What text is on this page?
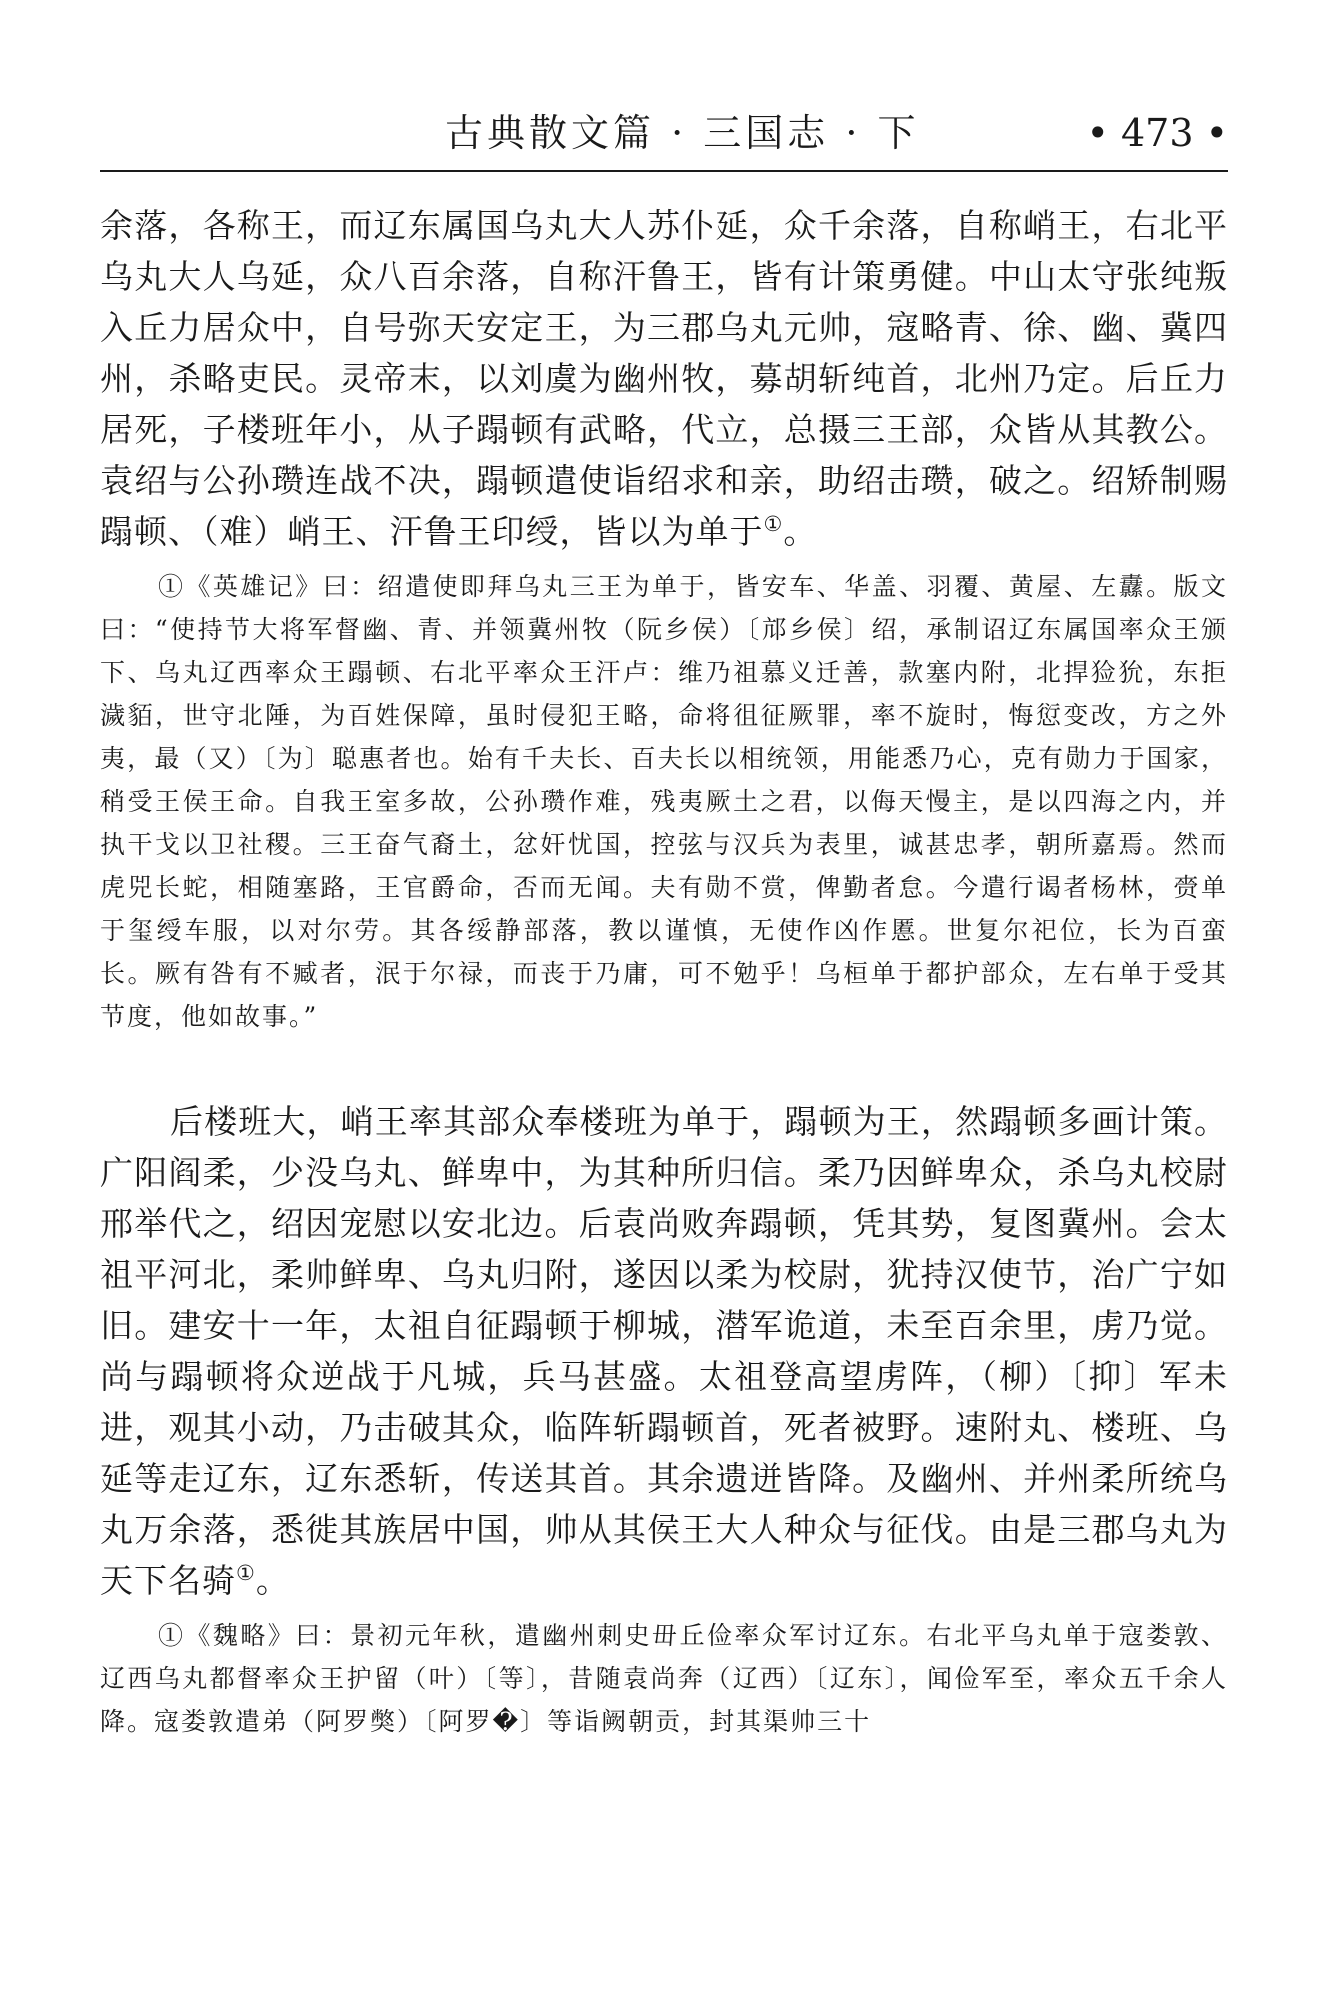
古典散文篇 · 三国志 · 下	• 473 •

余落，各称王，而辽东属国乌丸大人苏仆延，众千余落，自称峭王，右北平乌丸大人乌延，众八百余落，自称汗鲁王，皆有计策勇健。中山太守张纯叛入丘力居众中，自号弥天安定王，为三郡乌丸元帅，寇略青、徐、幽、冀四州，杀略吏民。灵帝末，以刘虞为幽州牧，募胡斩纯首，北州乃定。后丘力居死，子楼班年小，从子蹋顿有武略，代立，总摄三王部，众皆从其教公。袁绍与公孙瓒连战不决，蹋顿遣使诣绍求和亲，助绍击瓒，破之。绍矫制赐蹋顿、（难）峭王、汗鲁王印绶，皆以为单于①。

①《英雄记》曰：绍遣使即拜乌丸三王为单于，皆安车、华盖、羽覆、黄屋、左纛。版文曰：“使持节大将军督幽、青、并领冀州牧（阮乡侯）〔邟乡侯〕绍，承制诏辽东属国率众王颁下、乌丸辽西率众王蹋顿、右北平率众王汗卢：维乃祖慕义迁善，款塞内附，北捍猃狁，东拒濊貊，世守北陲，为百姓保障，虽时侵犯王略，命将徂征厥罪，率不旋时，悔愆变改，方之外夷，最（又）〔为〕聪惠者也。始有千夫长、百夫长以相统领，用能悉乃心，克有勋力于国家，稍受王侯王命。自我王室多故，公孙瓒作难，残夷厥土之君，以侮天慢主，是以四海之内，并执干戈以卫社稷。三王奋气裔土，忿奸忧国，控弦与汉兵为表里，诚甚忠孝，朝所嘉焉。然而虎兕长蛇，相随塞路，王官爵命，否而无闻。夫有勋不赏，俾勤者怠。今遣行谒者杨林，赍单于玺绶车服，以对尔劳。其各绥静部落，教以谨慎，无使作凶作慝。世复尔祀位，长为百蛮长。厥有咎有不臧者，泯于尔禄，而丧于乃庸，可不勉乎！乌桓单于都护部众，左右单于受其节度，他如故事。”

后楼班大，峭王率其部众奉楼班为单于，蹋顿为王，然蹋顿多画计策。广阳阎柔，少没乌丸、鲜卑中，为其种所归信。柔乃因鲜卑众，杀乌丸校尉邢举代之，绍因宠慰以安北边。后袁尚败奔蹋顿，凭其势，复图冀州。会太祖平河北，柔帅鲜卑、乌丸归附，遂因以柔为校尉，犹持汉使节，治广宁如旧。建安十一年，太祖自征蹋顿于柳城，潜军诡道，未至百余里，虏乃觉。尚与蹋顿将众逆战于凡城，兵马甚盛。太祖登高望虏阵，（柳）〔抑〕军未进，观其小动，乃击破其众，临阵斩蹋顿首，死者被野。速附丸、楼班、乌延等走辽东，辽东悉斩，传送其首。其余遗迸皆降。及幽州、并州柔所统乌丸万余落，悉徙其族居中国，帅从其侯王大人种众与征伐。由是三郡乌丸为天下名骑①。

①《魏略》曰：景初元年秋，遣幽州刺史毌丘俭率众军讨辽东。右北平乌丸单于寇娄敦、辽西乌丸都督率众王护留（叶）〔等〕，昔随袁尚奔（辽西）〔辽东〕，闻俭军至，率众五千余人降。寇娄敦遣弟（阿罗獘）〔阿罗�〕等诣阙朝贡，封其渠帅三十
